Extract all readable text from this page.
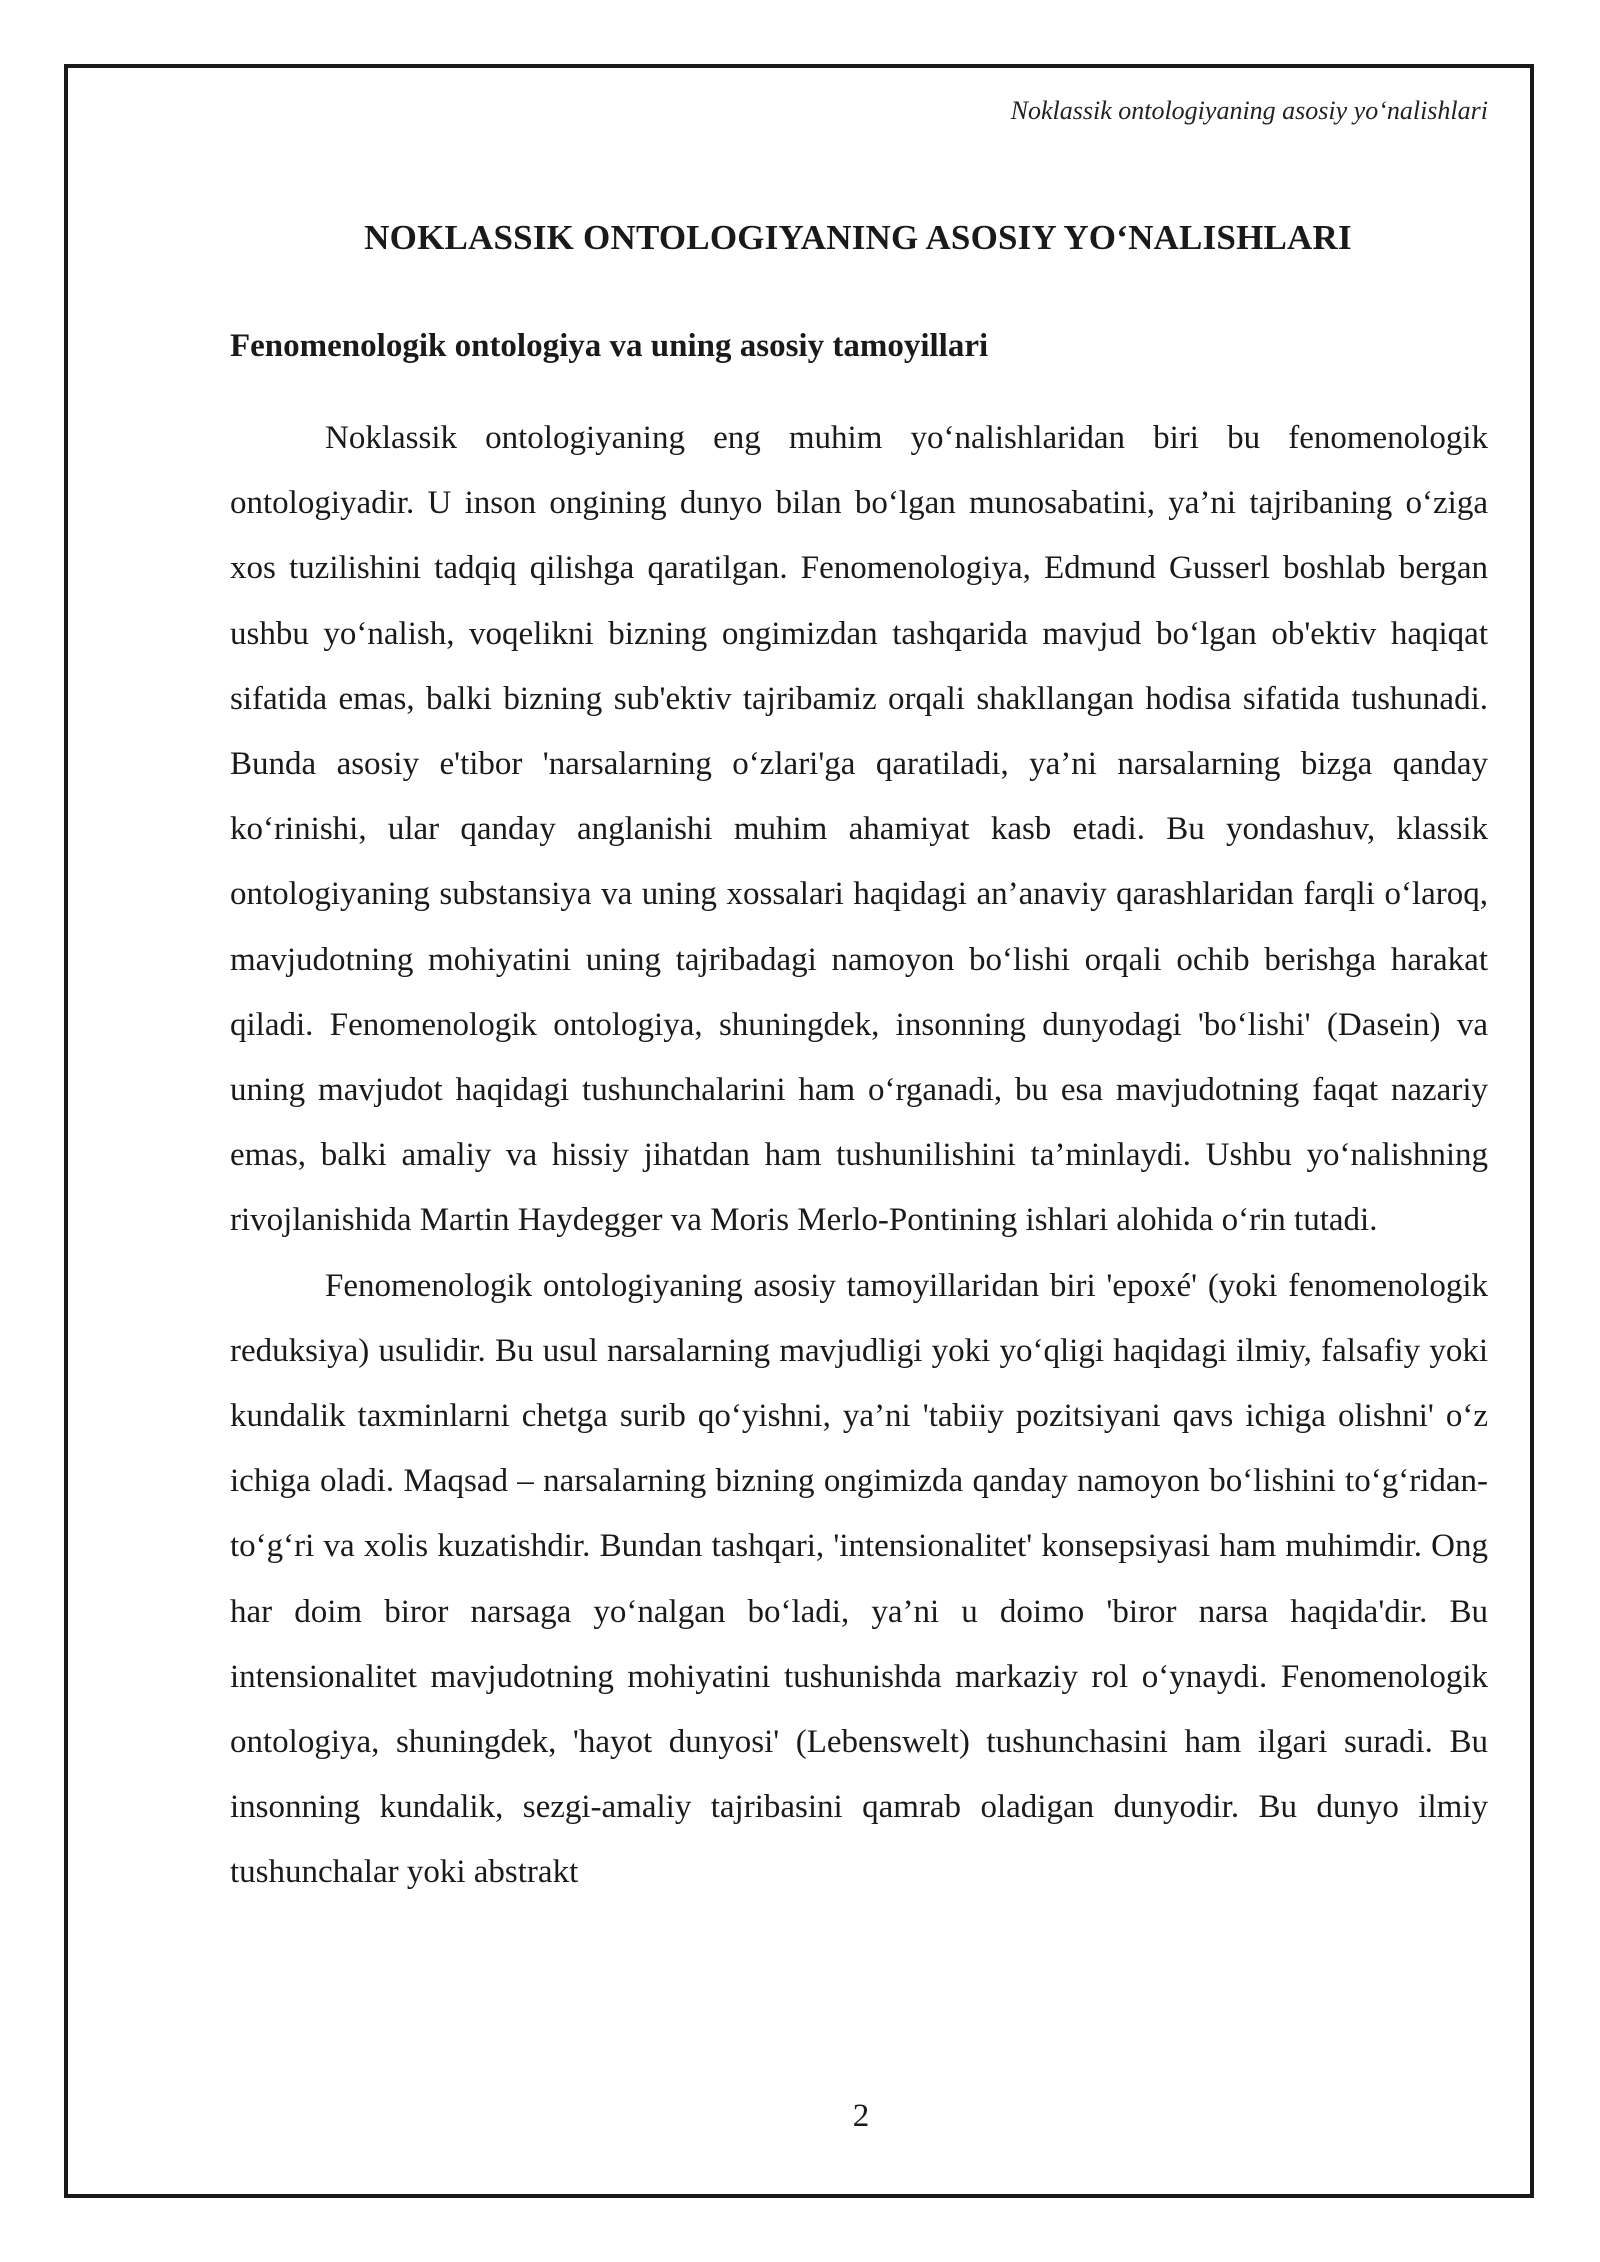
Noklassik ontologiyaning asosiy yo‘nalishlari
NOKLASSIK ONTOLOGIYANING ASOSIY YO‘NALISHLARI
Fenomenologik ontologiya va uning asosiy tamoyillari

Noklassik ontologiyaning eng muhim yo‘nalishlaridan biri bu fenomenologik ontologiyadir. U inson ongining dunyo bilan bo‘lgan munosabatini, ya’ni tajribaning o‘ziga xos tuzilishini tadqiq qilishga qaratilgan. Fenomenologiya, Edmund Gusserl boshlab bergan ushbu yo‘nalish, voqelikni bizning ongimizdan tashqarida mavjud bo‘lgan ob'ektiv haqiqat sifatida emas, balki bizning sub'ektiv tajribamiz orqali shakllangan hodisa sifatida tushunadi. Bunda asosiy e'tibor 'narsalarning o‘zlari'ga qaratiladi, ya’ni narsalarning bizga qanday ko‘rinishi, ular qanday anglanishi muhim ahamiyat kasb etadi. Bu yondashuv, klassik ontologiyaning substansiya va uning xossalari haqidagi an’anaviy qarashlaridan farqli o‘laroq, mavjudotning mohiyatini uning tajribadagi namoyon bo‘lishi orqali ochib berishga harakat qiladi. Fenomenologik ontologiya, shuningdek, insonning dunyodagi 'bo‘lishi' (Dasein) va uning mavjudot haqidagi tushunchalarini ham o‘rganadi, bu esa mavjudotning faqat nazariy emas, balki amaliy va hissiy jihatdan ham tushunilishini ta’minlaydi. Ushbu yo‘nalishning rivojlanishida Martin Haydegger va Moris Merlo-Pontining ishlari alohida o‘rin tutadi.

Fenomenologik ontologiyaning asosiy tamoyillaridan biri 'epoxé' (yoki fenomenologik reduksiya) usulidir. Bu usul narsalarning mavjudligi yoki yo‘qligi haqidagi ilmiy, falsafiy yoki kundalik taxminlarni chetga surib qo‘yishni, ya’ni 'tabiiy pozitsiyani qavs ichiga olishni' o‘z ichiga oladi. Maqsad – narsalarning bizning ongimizda qanday namoyon bo‘lishini to‘g‘ridan-to‘g‘ri va xolis kuzatishdir. Bundan tashqari, 'intensionalitet' konsepsiyasi ham muhimdir. Ong har doim biror narsaga yo‘nalgan bo‘ladi, ya’ni u doimo 'biror narsa haqida'dir. Bu intensionalitet mavjudotning mohiyatini tushunishda markaziy rol o‘ynaydi. Fenomenologik ontologiya, shuningdek, 'hayot dunyosi' (Lebenswelt) tushunchasini ham ilgari suradi. Bu insonning kundalik, sezgi-amaliy tajribasini qamrab oladigan dunyodir. Bu dunyo ilmiy tushunchalar yoki abstrakt

2
